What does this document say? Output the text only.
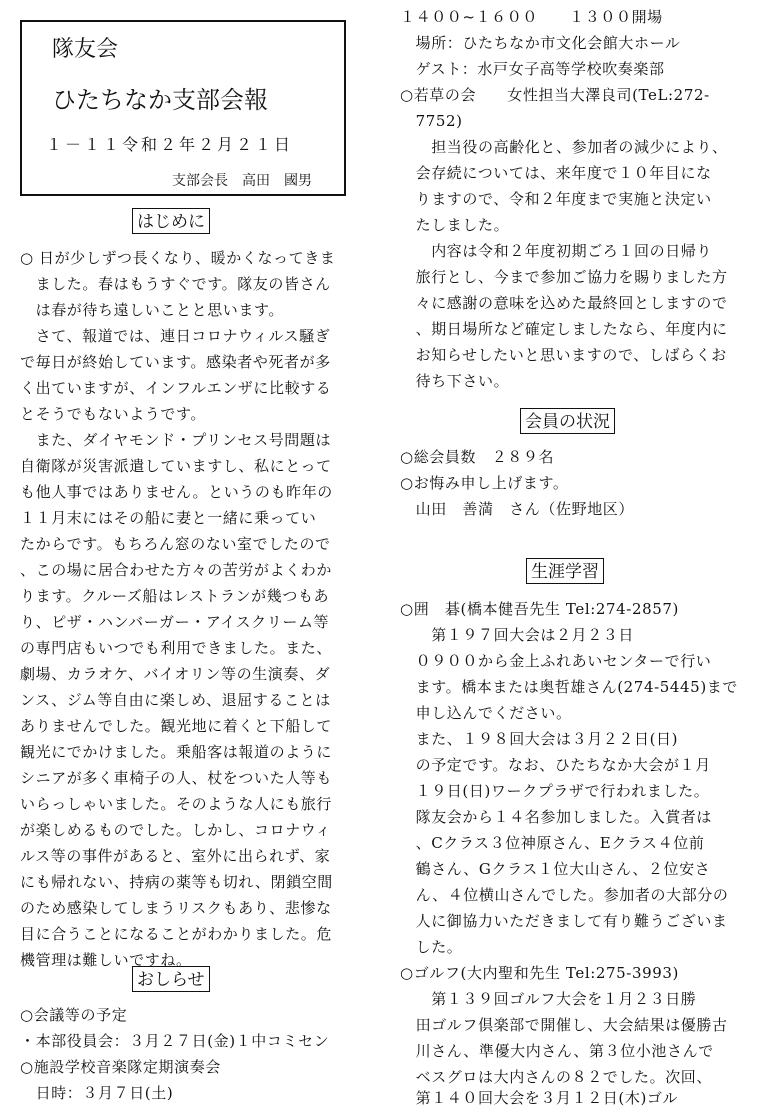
隊友会
ひたちなか支部会報
１－１１令和２年２月２１日
支部会長　高田　國男
はじめに
○ 日が少しずつ長くなり、暖かくなってきま
　ました。春はもうすぐです。隊友の皆さん
　は春が待ち遠しいことと思います。
　さて、報道では、連日コロナウィルス騒ぎ
で毎日が終始しています。感染者や死者が多
く出ていますが、インフルエンザに比較する
とそうでもないようです。
　また、ダイヤモンド・プリンセス号問題は
自衛隊が災害派遣していますし、私にとって
も他人事ではありません。というのも昨年の
１１月末にはその船に妻と一緒に乗ってい
たからです。もちろん窓のない室でしたので
、この場に居合わせた方々の苦労がよくわか
ります。クルーズ船はレストランが幾つもあ
り、ピザ・ハンバーガー・アイスクリーム等
の専門店もいつでも利用できました。また、
劇場、カラオケ、バイオリン等の生演奏、ダ
ンス、ジム等自由に楽しめ、退屈することは
ありませんでした。観光地に着くと下船して
観光にでかけました。乗船客は報道のように
シニアが多く車椅子の人、杖をついた人等も
いらっしゃいました。そのような人にも旅行
が楽しめるものでした。しかし、コロナウィ
ルス等の事件があると、室外に出られず、家
にも帰れない、持病の薬等も切れ、閉鎖空間
のため感染してしまうリスクもあり、悲惨な
目に合うことになることがわかりました。危
機管理は難しいですね。
おしらせ
○会議等の予定
・本部役員会：３月２７日(金)１中コミセン
○施設学校音楽隊定期演奏会
　日時：３月７日(土)
１４００~１６００　　１３００開場
　場所：ひたちなか市文化会館大ホール
　ゲスト：水戸女子高等学校吹奏楽部
○若草の会　　女性担当大澤良司(TeL:272-
　7752)
　　担当役の高齢化と、参加者の減少により、
　会存続については、来年度で１０年目にな
　りますので、令和２年度まで実施と決定い
　たしました。
　　内容は令和２年度初期ごろ１回の日帰り
　旅行とし、今まで参加ご協力を賜りました方
　々に感謝の意味を込めた最終回としますので
　、期日場所など確定しましたなら、年度内に
　お知らせしたいと思いますので、しばらくお
　待ち下さい。
会員の状況
○総会員数　２８９名
○お悔み申し上げます。
　山田　善満　さん（佐野地区）
生涯学習
○囲　碁(橋本健吾先生 Tel:274-2857)
　　第１９７回大会は２月２３日
　０９００から金上ふれあいセンターで行い
　ます。橋本または奥哲雄さん(274-5445)まで
　申し込んでください。
　また、１９８回大会は３月２２日(日)
　の予定です。なお、ひたちなか大会が１月
　１９日(日)ワークプラザで行われました。
　隊友会から１４名参加しました。入賞者は
　、Cクラス３位神原さん、Eクラス４位前
　鶴さん、Gクラス１位大山さん、２位安さ
　ん、４位横山さんでした。参加者の大部分の
　人に御協力いただきまして有り難うございま
　した。
○ゴルフ(大内聖和先生 Tel:275-3993)
　　第１３９回ゴルフ大会を１月２３日勝
　田ゴルフ倶楽部で開催し、大会結果は優勝古
　川さん、準優大内さん、第３位小池さんで
　ベスグロは大内さんの８２でした。次回、
　第１４０回大会を３月１２日(木)ゴル
